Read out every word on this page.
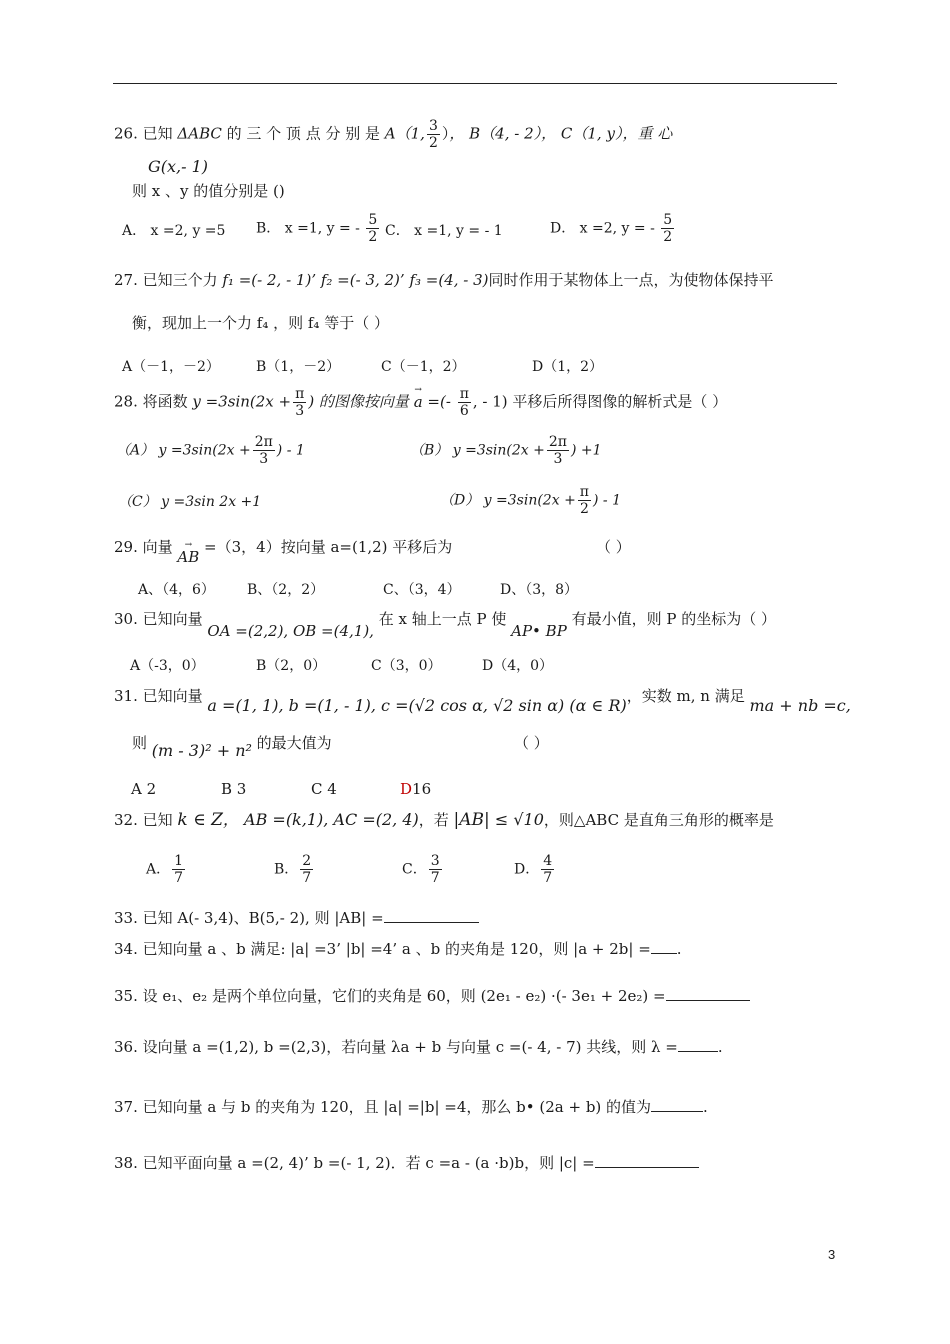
26. 已知 ΔABC 的 三 个 顶 点 分 别 是 A（1, $\frac{3}{2}$ ）， B（4, - 2）， C（1, y），重 心
G(x,- 1)
则 x 、y 的值分别是 ()
A． x =2, y =5 B． x =1, y = - $\frac{5}{2}$ C． x =1, y = - 1	D． x =2, y = - $\frac{5}{2}$
27. 已知三个力 f₁ =(- 2, - 1)’ f₂ =(- 3, 2)’ f₃ =(4, - 3)同时作用于某物体上一点，为使物体保持平
衡，现加上一个力 f₄ ，则 f₄ 等于（ ）
A（－1，－2）	B（1，－2）	C（－1，2）	D（1，2）
28. 将函数 $y =3\sin(2x + \frac{\pi}{3}$ ) 的图像按向量 → a =(- $\frac{\pi}{6}$ , - 1) 平移后所得图像的解析式是（ ）
（A） $y =3\sin(2x + \frac{2\pi}{3}$ ) - 1	（B） $y =3\sin(2x + \frac{2\pi}{3}$ ) +1
（C） y =3sin 2x +1	（D） $y =3\sin(2x + \frac{\pi}{2}$ ) - 1
29. 向量 → AB =（3，4）按向量 a=(1,2) 平移后为	（ ）
A、（4，6） B、（2，2）	C、（3，4）	D、（3，8）
30. 已知向量 OA =(2,2), OB =(4,1), 在 x 轴上一点 P 使 AP• BP 有最小值，则 P 的坐标为（ ）
A（-3，0）	B（2，0）	C（3，0）	D（4，0）
31. 已知向量 a =(1, 1), b =(1, - 1), c =(√2 cos α, √2 sin α) (α ∈ R)，实数 m, n 满足 ma + nb =c,
则 (m - 3)² + n² 的最大值为	（ ）
A 2	B 3	C 4	D16
32. 已知 k ∈ Z， AB =(k,1), AC =(2, 4)，若 |AB| ≤ √10，则△ABC 是直角三角形的概率是
A． $\frac{1}{7}$	B． $\frac{2}{7}$	C． $\frac{3}{7}$	D． $\frac{4}{7}$
33. 已知 A(- 3,4)、B(5,- 2), 则 |AB| =
34. 已知向量 a 、b 满足: |a| =3’ |b| =4’ a 、b 的夹角是 120，则 |a + 2b| = .
35. 设 e₁、e₂ 是两个单位向量，它们的夹角是 60，则 (2e₁ - e₂) ·(- 3e₁ + 2e₂) =
36. 设向量 a =(1,2), b =(2,3)，若向量 λa + b 与向量 c =(- 4, - 7) 共线，则 λ =	.
37. 已知向量 a 与 b 的夹角为 120，且 |a| =|b| =4，那么 b• (2a + b) 的值为	.
38. 已知平面向量 a =(2, 4)’ b =(- 1, 2)．若 c =a - (a ·b)b，则 |c| =
3
